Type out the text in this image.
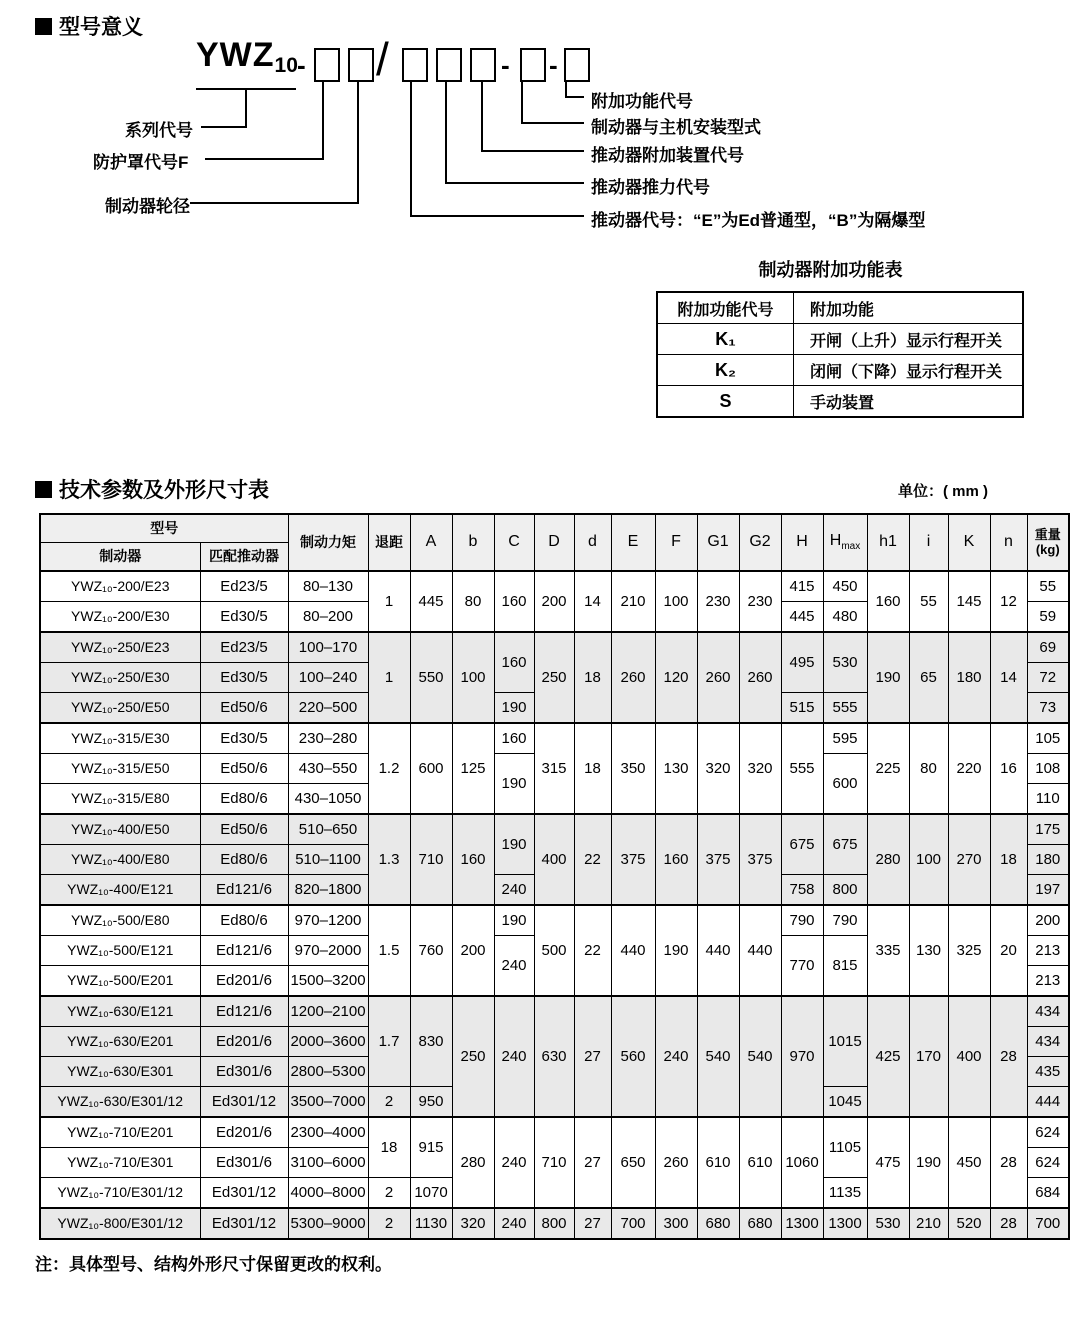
型号意义
$YWZ_{10}$ - /	- -
系列代号
防护罩代号F
制动器轮径
附加功能代号
制动器与主机安装型式
推动器附加装置代号
推动器推力代号
推动器代号：“E”为Ed普通型，“B”为隔爆型
制动器附加功能表
附加功能代号	附加功能
K₁	开闸（上升）显示行程开关
K₂	闭闸（下降）显示行程开关
S	手动装置
技术参数及外形尺寸表	单位：( mm )
型号		制动力矩	退距	A	b	C	D	d	E	F	G1	G2	H	$H_{max}$	h1	i	K	n	重量
(kg)

制动器	匹配推动器																		
YWZ₁₀-200/E23	Ed23/5	80–130	1	445	80	160	200	14	210	100	230	230	415	450	160	55	145	12	55
YWZ₁₀-200/E30	Ed30/5	80–200											445	480					59
YWZ₁₀-250/E23	Ed23/5	100–170	1	550	100	160	250	18	260	120	260	260	495	530	190	65	180	14	69
YWZ₁₀-250/E30	Ed30/5	100–240																	72
YWZ₁₀-250/E50	Ed50/6	220–500				190							515	555					73
YWZ₁₀-315/E30	Ed30/5	230–280	1.2	600	125	160	315	18	350	130	320	320	555	595	225	80	220	16	105
YWZ₁₀-315/E50	Ed50/6	430–550				190								600					108
YWZ₁₀-315/E80	Ed80/6	430–1050																	110
YWZ₁₀-400/E50	Ed50/6	510–650	1.3	710	160	190	400	22	375	160	375	375	675	675	280	100	270	18	175
YWZ₁₀-400/E80	Ed80/6	510–1100																	180
YWZ₁₀-400/E121	Ed121/6	820–1800				240							758	800					197
YWZ₁₀-500/E80	Ed80/6	970–1200	1.5	760	200	190	500	22	440	190	440	440	790	790	335	130	325	20	200
YWZ₁₀-500/E121	Ed121/6	970–2000				240							770	815					213
YWZ₁₀-500/E201	Ed201/6	1500–3200																	213
YWZ₁₀-630/E121	Ed121/6	1200–2100	1.7	830	250	240	630	27	560	240	540	540	970	1015	425	170	400	28	434
YWZ₁₀-630/E201	Ed201/6	2000–3600																	434
YWZ₁₀-630/E301	Ed301/6	2800–5300																	435
YWZ₁₀-630/E301/12	Ed301/12	3500–7000	2	950										1045					444
YWZ₁₀-710/E201	Ed201/6	2300–4000	18	915	280	240	710	27	650	260	610	610	1060	1105	475	190	450	28	624
YWZ₁₀-710/E301	Ed301/6	3100–6000																	624
YWZ₁₀-710/E301/12	Ed301/12	4000–8000	2	1070										1135					684
YWZ₁₀-800/E301/12	Ed301/12	5300–9000	2	1130	320	240	800	27	700	300	680	680	1300	1300	530	210	520	28	700
注：具体型号、结构外形尺寸保留更改的权利。
